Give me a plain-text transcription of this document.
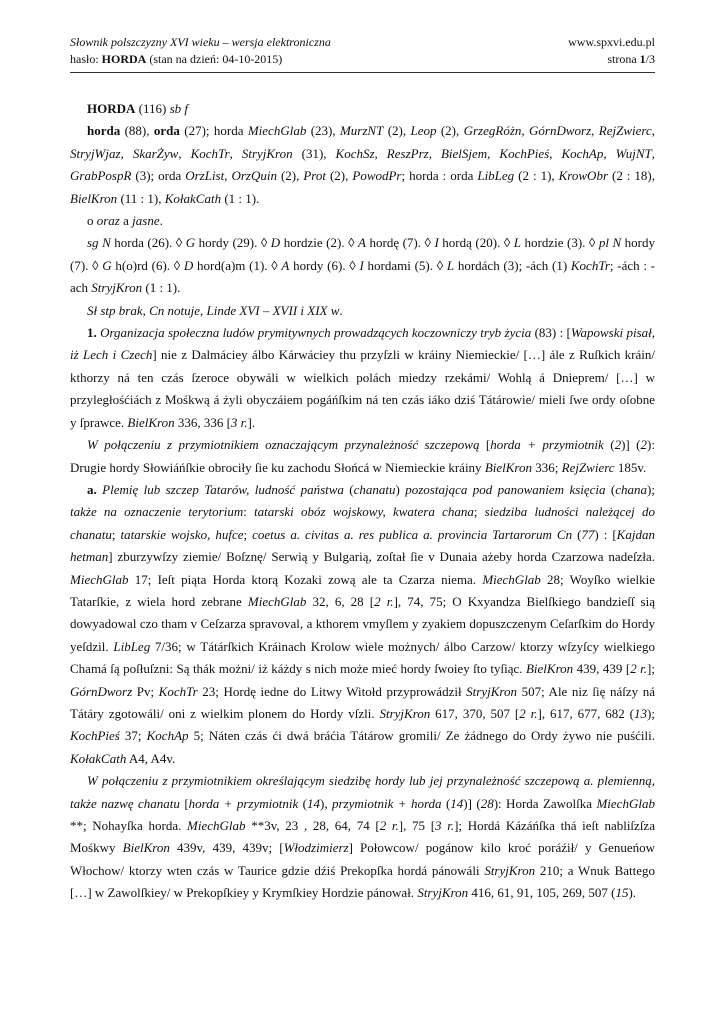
Słownik polszczyzny XVI wieku – wersja elektroniczna
hasło: HORDA (stan na dzień: 04-10-2015)
www.spxvi.edu.pl
strona 1/3

HORDA (116) sb f

horda (88), orda (27); horda MiechGlab (23), MurzNT (2), Leop (2), GrzegRóżn, GórnDworz, RejZwierc, StryjWjaz, SkarŻyw, KochTr, StryjKron (31), KochSz, ReszPrz, BielSjem, KochPieś, KochAp, WujNT, GrabPospR (3); orda OrzList, OrzQuin (2), Prot (2), PowodPr; horda : orda LibLeg (2 : 1), KrowObr (2 : 18), BielKron (11 : 1), KołakCath (1 : 1).

o oraz a jasne.

sg N horda (26). ◊ G hordy (29). ◊ D hordzie (2). ◊ A hordę (7). ◊ I hordą (20). ◊ L hordzie (3). ◊ pl N hordy (7). ◊ G h(o)rd (6). ◊ D hord(a)m (1). ◊ A hordy (6). ◊ I hordami (5). ◊ L hordách (3); -ách (1) KochTr; -ách : -ach StryjKron (1 : 1).

Sł stp brak, Cn notuje, Linde XVI – XVII i XIX w.

1. Organizacja społeczna ludów prymitywnych prowadzących koczowniczy tryb życia (83) : [Wapowski pisał, iż Lech i Czech] nie z Dalmáciey álbo Kárwáciey thu przyſzli w kráiny Niemieckie/ […] ále z Ruſkich kráin/ kthorzy ná ten czás ſzeroce obywáli w wielkich polách miedzy rzekámi/ Wohlą á Dnieprem/ […] w przyległośćiách z Mośkwą á żyli obyczáiem pogáńſkim ná ten czás iáko dziś Tátárowie/ mieli ſwe ordy oſobne y ſprawce. BielKron 336, 336 [3 r.].

W połączeniu z przymiotnikiem oznaczającym przynależność szczepową [horda + przymiotnik (2)] (2): Drugie hordy Słowiáńſkie obrociły ſie ku zachodu Słońcá w Niemieckie kráiny BielKron 336; RejZwierc 185v.

a. Plemię lub szczep Tatarów, ludność państwa (chanatu) pozostająca pod panowaniem księcia (chana); także na oznaczenie terytorium: tatarski obóz wojskowy, kwatera chana; siedziba ludności należącej do chanatu; tatarskie wojsko, hufce; coetus a. civitas a. res publica a. provincia Tartarorum Cn (77) : [Kajdan hetman] zburzywſzy ziemie/ Boſznę/ Serwią y Bulgarią, zoſtał ſie v Dunaia ażeby horda Czarzowa nadeſzła. MiechGlab 17; Ieſt piąta Horda ktorą Kozaki zową ale ta Czarza niema. MiechGlab 28; Woyſko wielkie Tatarſkie, z wiela hord zebrane MiechGlab 32, 6, 28 [2 r.], 74, 75; O Kxyandza Bielſkiego bandzieſſ sią dowyadowal czo tham v Ceſzarza spravoval, a kthorem vmyſlem y zyakiem dopuszczenym Ceſarſkim do Hordy yeſdzil. LibLeg 7/36; w Tátárſkich Kráinach Krolow wiele możnych/ álbo Carzow/ ktorzy wſzyſcy wielkiego Chamá ſą poſłuſzni: Są thák możni/ iż káżdy s nich może mieć hordy ſwoiey ſto tyſiąc. BielKron 439, 439 [2 r.]; GórnDworz Pv; KochTr 23; Hordę iedne do Litwy Witołd przyprowádził StryjKron 507; Ale niz ſię náſzy ná Tátáry zgotowáli/ oni z wielkim plonem do Hordy vſzli. StryjKron 617, 370, 507 [2 r.], 617, 677, 682 (13); KochPieś 37; KochAp 5; Náten czás ći dwá bráćia Tátárow gromili/ Ze żádnego do Ordy żywo nie puśćili. KołakCath A4, A4v.

W połączeniu z przymiotnikiem określającym siedzibę hordy lub jej przynależność szczepową a. plemienną, także nazwę chanatu [horda + przymiotnik (14), przymiotnik + horda (14)] (28): Horda Zawolſka MiechGlab **; Nohayſka horda. MiechGlab **3v, 23 , 28, 64, 74 [2 r.], 75 [3 r.]; Hordá Kázáńſka thá ieſt nabliſzſza Mośkwy BielKron 439v, 439, 439v; [Włodzimierz] Połowcow/ pogánow kilo kroć poráźił/ y Genueńow Włochow/ ktorzy wten czás w Taurice gdzie dźiś Prekopſka hordá pánowáli StryjKron 210; a Wnuk Battego […] w Zawolſkiey/ w Prekopſkiey y Krymſkiey Hordzie pánował. StryjKron 416, 61, 91, 105, 269, 507 (15).
